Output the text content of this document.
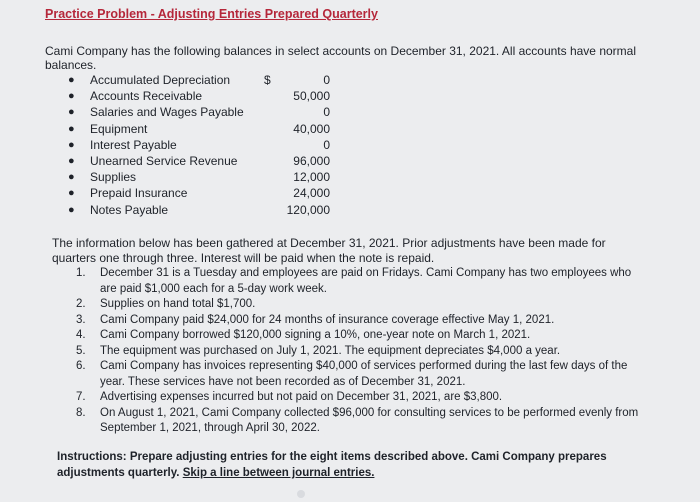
Practice Problem - Adjusting Entries Prepared Quarterly
Cami Company has the following balances in select accounts on December 31, 2021. All accounts have normal balances.
● Accumulated Depreciation	$	0
● Accounts Receivable	50,000
● Salaries and Wages Payable	0
● Equipment	40,000
● Interest Payable	0
● Unearned Service Revenue	96,000
● Supplies	12,000
● Prepaid Insurance	24,000
● Notes Payable	120,000
The information below has been gathered at December 31, 2021. Prior adjustments have been made for quarters one through three. Interest will be paid when the note is repaid.
1. December 31 is a Tuesday and employees are paid on Fridays. Cami Company has two employees who are paid $1,000 each for a 5-day work week.
2. Supplies on hand total $1,700.
3. Cami Company paid $24,000 for 24 months of insurance coverage effective May 1, 2021.
4. Cami Company borrowed $120,000 signing a 10%, one-year note on March 1, 2021.
5. The equipment was purchased on July 1, 2021. The equipment depreciates $4,000 a year.
6. Cami Company has invoices representing $40,000 of services performed during the last few days of the year. These services have not been recorded as of December 31, 2021.
7. Advertising expenses incurred but not paid on December 31, 2021, are $3,800.
8. On August 1, 2021, Cami Company collected $96,000 for consulting services to be performed evenly from September 1, 2021, through April 30, 2022.
Instructions: Prepare adjusting entries for the eight items described above. Cami Company prepares adjustments quarterly. Skip a line between journal entries.
